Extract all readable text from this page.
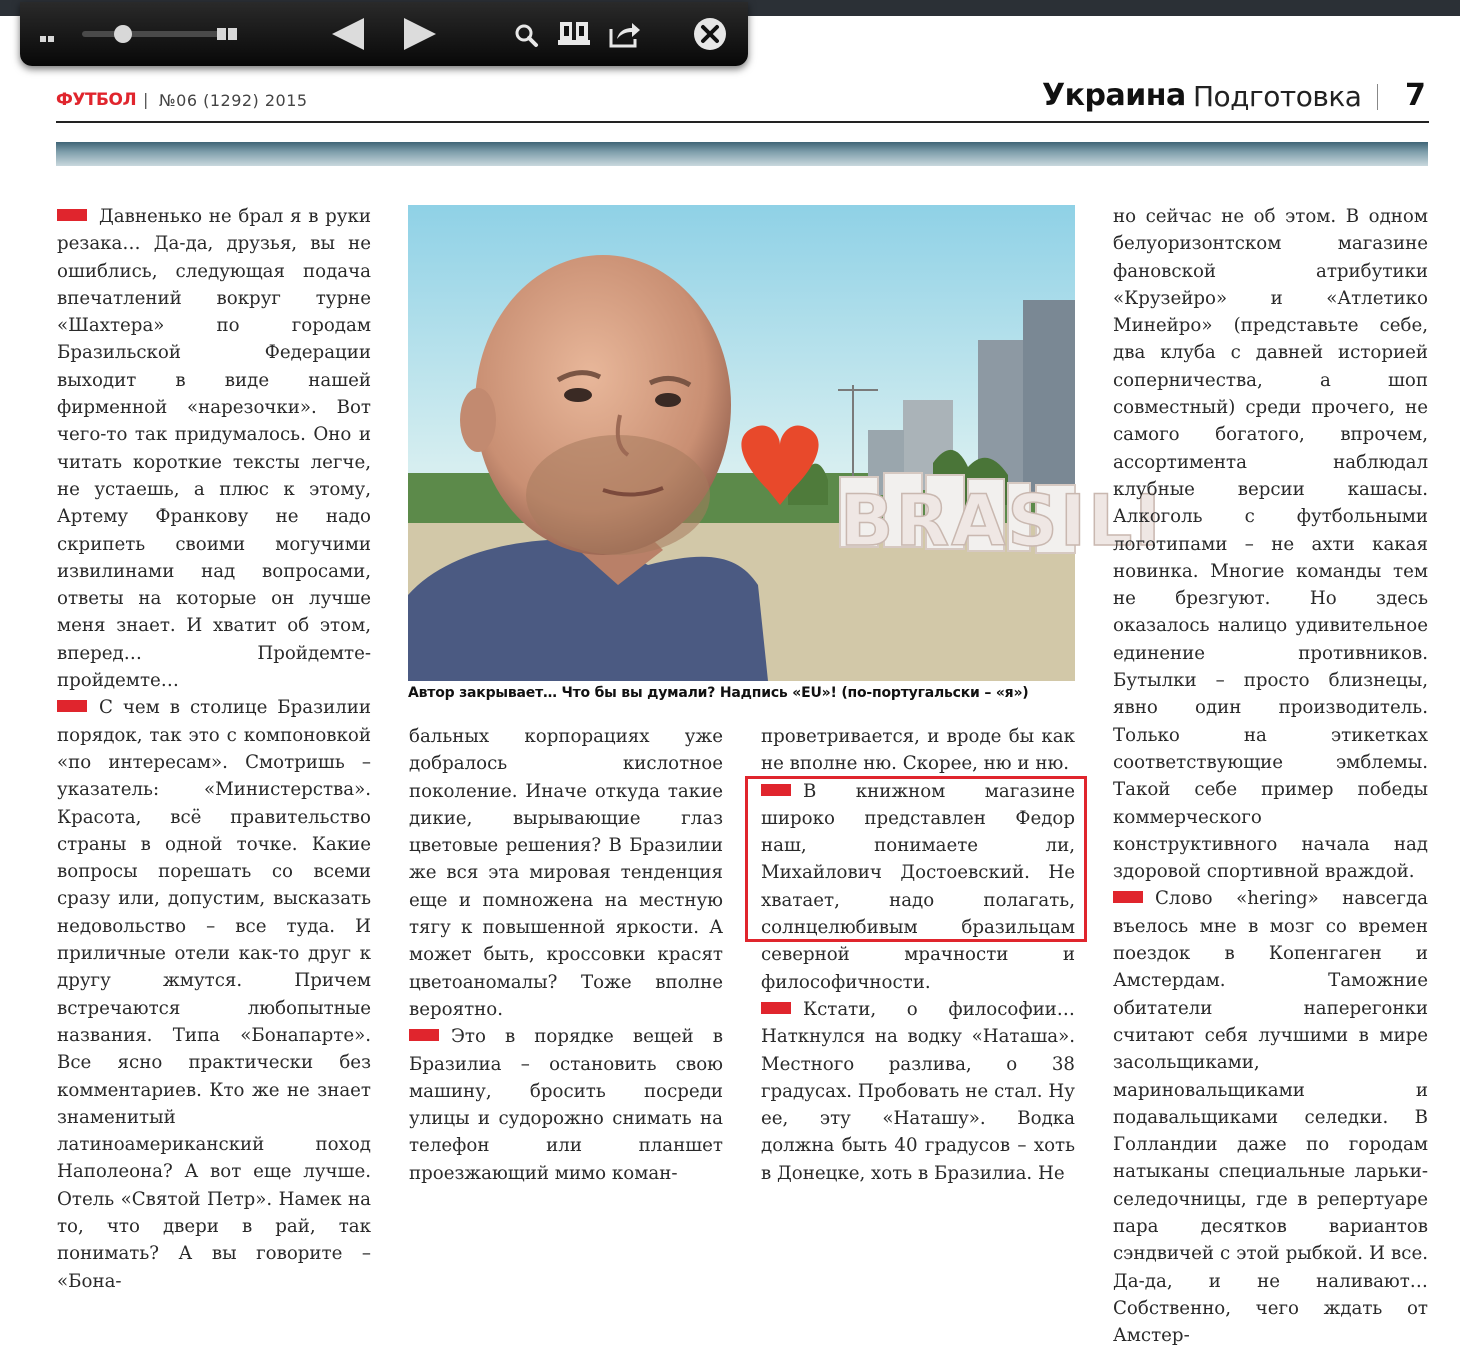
ФУТБОЛ | №06 (1292) 2015	Украина Подготовка 7

Давненько не брал я в руки резака… Да-да, друзья, вы не ошиблись, следующая подача впечатлений вокруг турне «Шахтера» по городам Бразильской Федерации выходит в виде нашей фирменной «нарезочки». Вот чего-то так придумалось. Оно и читать короткие тексты легче, не устаешь, а плюс к этому, Артему Франкову не надо скрипеть своими могучими извилинами над вопросами, ответы на которые он лучше меня знает. И хватит об этом, вперед… Пройдемте-пройдемте…

С чем в столице Бразилии порядок, так это с компоновкой «по интересам». Смотришь – указатель: «Министерства». Красота, всё правительство страны в одной точке. Какие вопросы порешать со всеми сразу или, допустим, высказать недовольство – все туда. И приличные отели как-то друг к другу жмутся. Причем встречаются любопытные названия. Типа «Бонапарте». Все ясно практически без комментариев. Кто же не знает знаменитый латиноамериканский поход Наполеона? А вот еще лучше. Отель «Святой Петр». Намек на то, что двери в рай, так понимать? А вы говорите – «Бона-

BRASILI
Автор закрывает… Что бы вы думали? Надпись «EU»! (по-португальски – «я»)

бальных корпорациях уже добралось кислотное поколение. Иначе откуда такие дикие, вырывающие глаз цветовые решения? В Бразилии же вся эта мировая тенденция еще и помножена на местную тягу к повышенной яркости. А может быть, кроссовки красят цветоаномалы? Тоже вполне вероятно.

Это в порядке вещей в Бразилиа – остановить свою машину, бросить посреди улицы и судорожно снимать на телефон или планшет проезжающий мимо коман-

проветривается, и вроде бы как не вполне ню. Скорее, ню и ню.

В книжном магазине широко представлен Федор наш, понимаете ли, Михайлович Достоевский. Не хватает, надо полагать, солнцелюбивым бразильцам северной мрачности и философичности.

Кстати, о философии… Наткнулся на водку «Наташа». Местного разлива, о 38 градусах. Пробовать не стал. Ну ее, эту «Наташу». Водка должна быть 40 градусов – хоть в Донецке, хоть в Бразилиа. Не

но сейчас не об этом. В одном белуоризонтском магазине фановской атрибутики «Крузейро» и «Атлетико Минейро» (представьте себе, два клуба с давней историей соперничества, а шоп совместный) среди прочего, не самого богатого, впрочем, ассортимента наблюдал клубные версии кашасы. Алкоголь с футбольными логотипами – не ахти какая новинка. Многие команды тем не брезгуют. Но здесь оказалось налицо удивительное единение противников. Бутылки – просто близнецы, явно один производитель. Только на этикетках соответствующие эмблемы. Такой себе пример победы коммерческого конструктивного начала над здоровой спортивной враждой.

Слово «hering» навсегда въелось мне в мозг со времен поездок в Копенгаген и Амстердам. Таможние обитатели наперегонки считают себя лучшими в мире засольщиками, мариновальщиками и подавальщиками селедки. В Голландии даже по городам натыканы специальные ларьки-селедочницы, где в репертуаре пара десятков вариантов сэндвичей с этой рыбкой. И все. Да-да, и не наливают… Собственно, чего ждать от Амстер-
